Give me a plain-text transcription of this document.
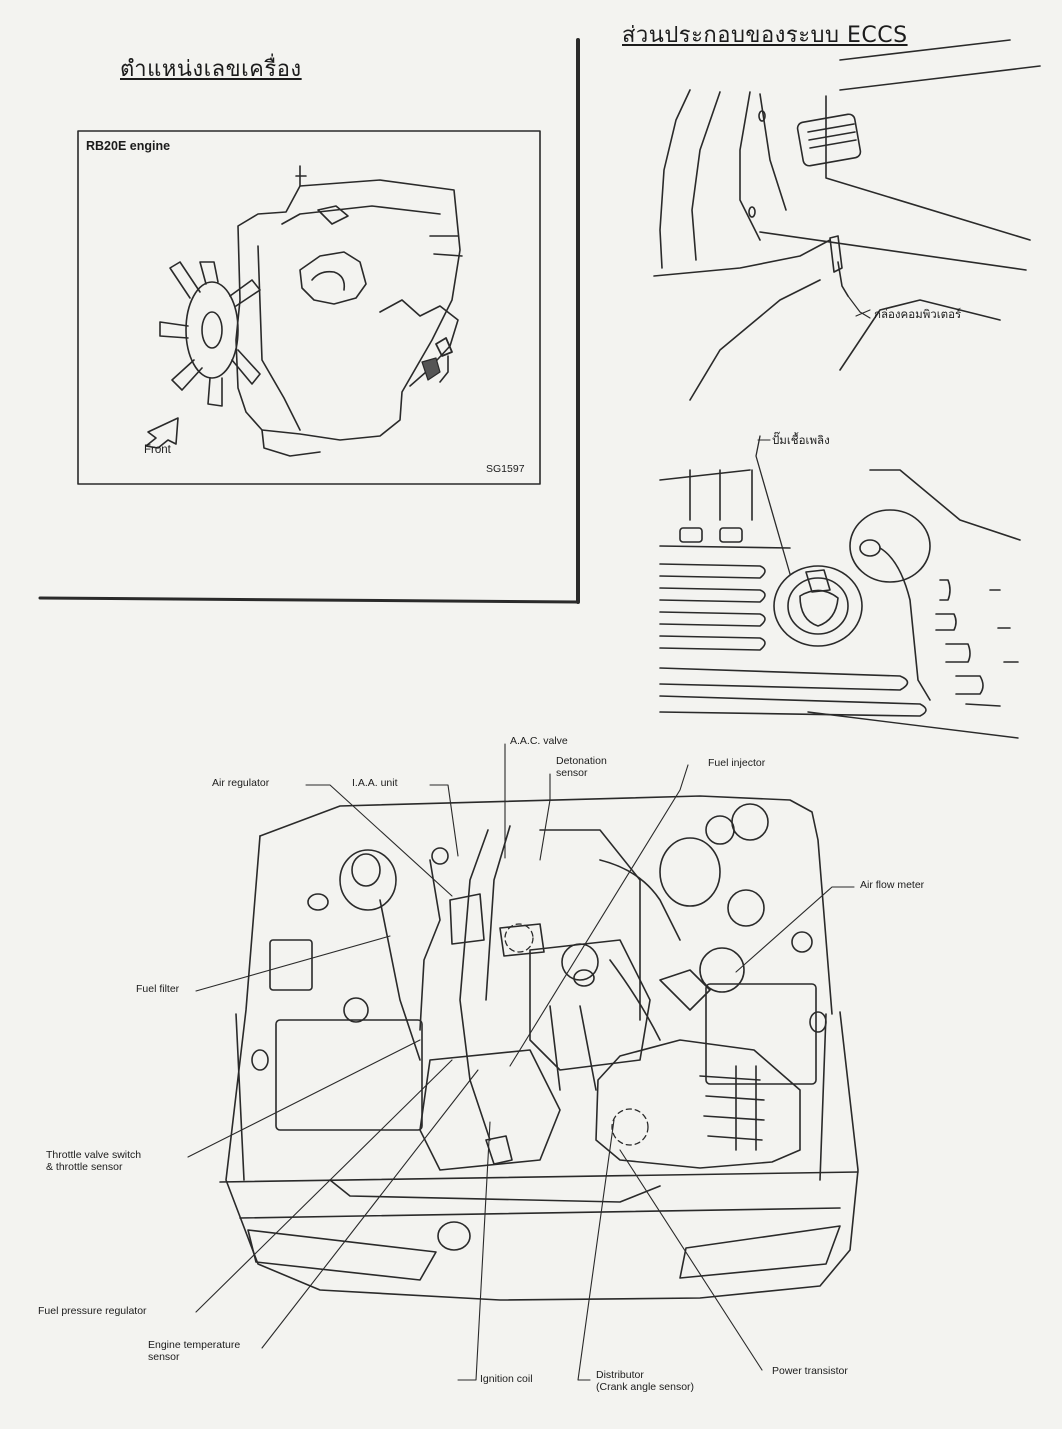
ตำแหน่งเลขเครื่อง
ส่วนประกอบของระบบ ECCS
RB20E engine
Front
SG1597
กล่องคอมพิวเตอร์
ปั๊มเชื้อเพลิง
A.A.C. valve
Detonation
sensor
Fuel injector
Air regulator	I.A.A. unit
Air flow meter
Fuel filter
Throttle valve switch
& throttle sensor
Fuel pressure regulator
Engine temperature
sensor
Ignition coil	Distributor
(Crank angle sensor)
Power transistor
